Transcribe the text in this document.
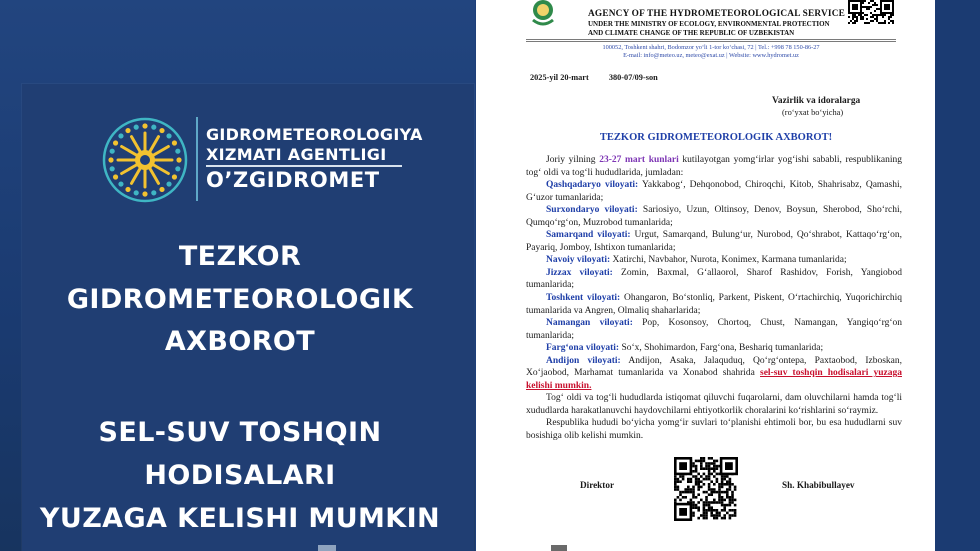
GIDROMETEOROLOGIYA
XIZMATI AGENTLIGI
O’ZGIDROMET
TEZKOR
GIDROMETEOROLOGIK
AXBOROT
SEL-SUV TOSHQIN
HODISALARI
YUZAGA KELISHI MUMKIN
AGENCY OF THE HYDROMETEOROLOGICAL SERVICE
UNDER THE MINISTRY OF ECOLOGY, ENVIRONMENTAL PROTECTION
AND CLIMATE CHANGE OF THE REPUBLIC OF UZBEKISTAN
100052, Toshkent shahri, Bodomzor yo‘li 1-tor ko‘chasi, 72 | Tel.: +998 78 150-86-27
E-mail: info@meteo.uz, meteo@exat.uz | Website: www.hydromet.uz
2025-yil 20-mart 380-07/09-son
Vazirlik va idoralarga
(ro‘yxat bo‘yicha)
TEZKOR GIDROMETEOROLOGIK AXBOROT!

Joriy yilning 23-27 mart kunlari kutilayotgan yomg‘irlar yog‘ishi sababli, respublikaning tog‘ oldi va tog‘li hududlarida, jumladan:

Qashqadaryo viloyati: Yakkabog‘, Dehqonobod, Chiroqchi, Kitob, Shahrisabz, Qamashi, G‘uzor tumanlarida;

Surxondaryo viloyati: Sariosiyo, Uzun, Oltinsoy, Denov, Boysun, Sherobod, Sho‘rchi, Qumqo‘rg‘on, Muzrobod tumanlarida;

Samarqand viloyati: Urgut, Samarqand, Bulung‘ur, Nurobod, Qo‘shrabot, Kattaqo‘rg‘on, Payariq, Jomboy, Ishtixon tumanlarida;

Navoiy viloyati: Xatirchi, Navbahor, Nurota, Konimex, Karmana tumanlarida;

Jizzax viloyati: Zomin, Baxmal, G‘allaorol, Sharof Rashidov, Forish, Yangiobod tumanlarida;

Toshkent viloyati: Ohangaron, Bo‘stonliq, Parkent, Piskent, O‘rtachirchiq, Yuqorichirchiq tumanlarida va Angren, Olmaliq shaharlarida;

Namangan viloyati: Pop, Kosonsoy, Chortoq, Chust, Namangan, Yangiqo‘rg‘on tumanlarida;

Farg‘ona viloyati: So‘x, Shohimardon, Farg‘ona, Beshariq tumanlarida;

Andijon viloyati: Andijon, Asaka, Jalaquduq, Qo‘rg‘ontepa, Paxtaobod, Izboskan, Xo‘jaobod, Marhamat tumanlarida va Xonabod shahrida sel-suv toshqin hodisalari yuzaga kelishi mumkin.

Tog‘ oldi va tog‘li hududlarda istiqomat qiluvchi fuqarolarni, dam oluvchilarni hamda tog‘li xududlarda harakatlanuvchi haydovchilarni ehtiyotkorlik choralarini ko‘rishlarini so‘raymiz.

Respublika hududi bo‘yicha yomg‘ir suvlari to‘planishi ehtimoli bor, bu esa hududlarni suv bosishiga olib kelishi mumkin.

Direktor	Sh. Khabibullayev
